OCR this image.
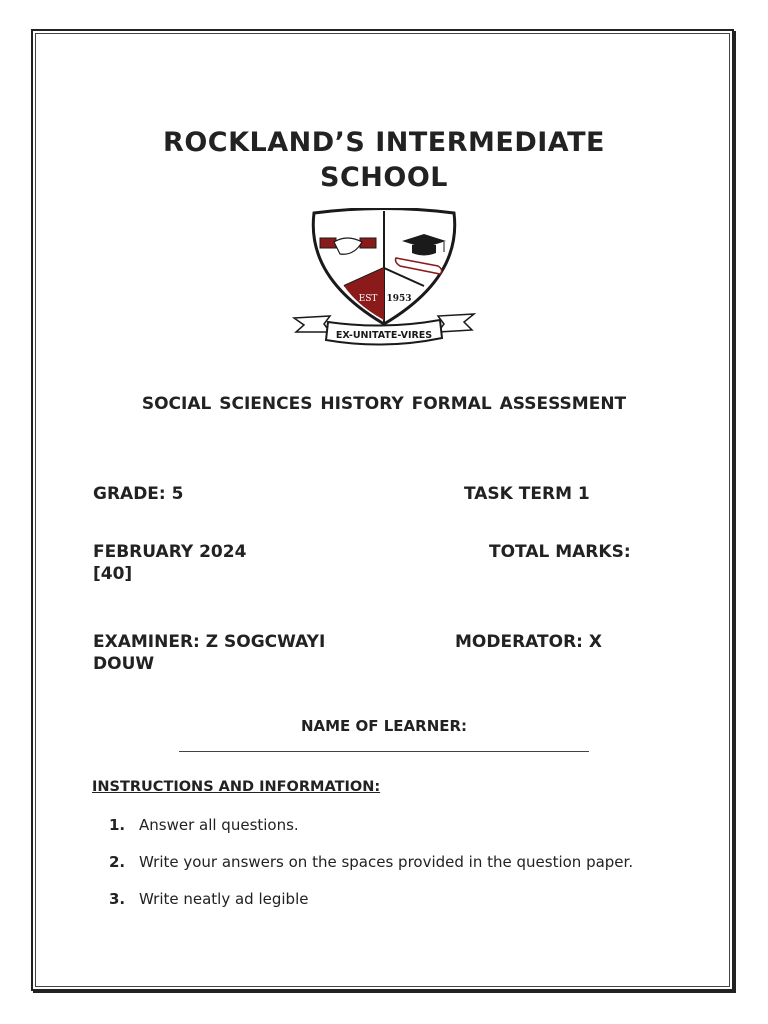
ROCKLAND’S INTERMEDIATE SCHOOL
EST 1953
EX-UNITATE-VIRES
SOCIAL SCIENCES HISTORY FORMAL ASSESSMENT
GRADE: 5	TASK TERM 1
FEBRUARY 2024	TOTAL MARKS:
[40]
EXAMINER: Z SOGCWAYI	MODERATOR: X
DOUW
NAME OF LEARNER:
INSTRUCTIONS AND INFORMATION:
1. Answer all questions.
2. Write your answers on the spaces provided in the question paper.
3. Write neatly ad legible
